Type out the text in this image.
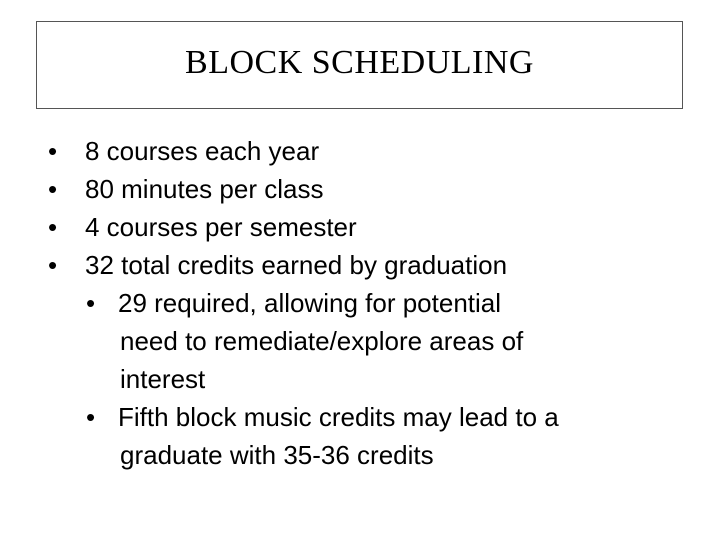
BLOCK SCHEDULING
• 8 courses each year
• 80 minutes per class
• 4 courses per semester
• 32 total credits earned by graduation
• 29 required, allowing for potential
need to remediate/explore areas of
interest
• Fifth block music credits may lead to a
graduate with 35-36 credits
